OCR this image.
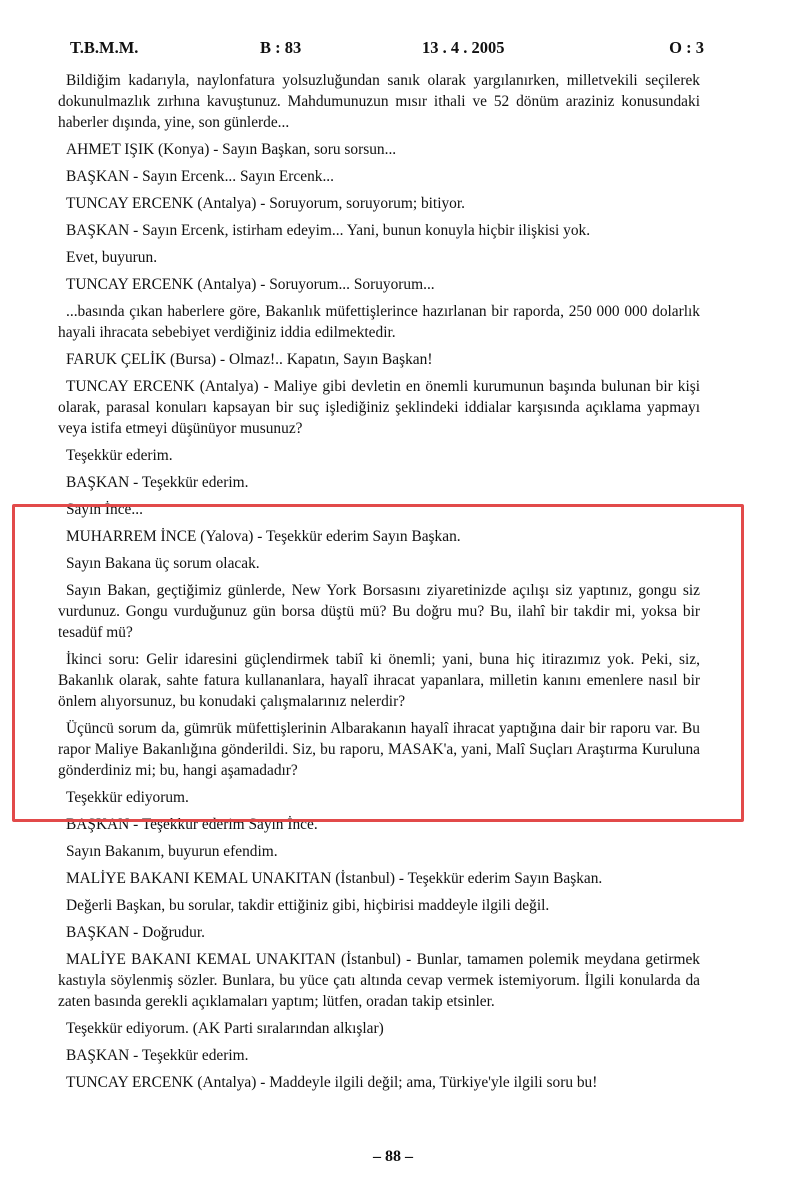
T.B.M.M.	B : 83	13 . 4 . 2005	O : 3

Bildiğim kadarıyla, naylonfatura yolsuzluğundan sanık olarak yargılanırken, milletvekili seçilerek dokunulmazlık zırhına kavuştunuz. Mahdumunuzun mısır ithali ve 52 dönüm araziniz konusundaki haberler dışında, yine, son günlerde...

AHMET IŞIK (Konya) - Sayın Başkan, soru sorsun...

BAŞKAN - Sayın Ercenk... Sayın Ercenk...

TUNCAY ERCENK (Antalya) - Soruyorum, soruyorum; bitiyor.

BAŞKAN - Sayın Ercenk, istirham edeyim... Yani, bunun konuyla hiçbir ilişkisi yok.

Evet, buyurun.

TUNCAY ERCENK (Antalya) - Soruyorum... Soruyorum...

...basında çıkan haberlere göre, Bakanlık müfettişlerince hazırlanan bir raporda, 250 000 000 dolarlık hayali ihracata sebebiyet verdiğiniz iddia edilmektedir.

FARUK ÇELİK (Bursa) - Olmaz!.. Kapatın, Sayın Başkan!

TUNCAY ERCENK (Antalya) - Maliye gibi devletin en önemli kurumunun başında bulunan bir kişi olarak, parasal konuları kapsayan bir suç işlediğiniz şeklindeki iddialar karşısında açıklama yapmayı veya istifa etmeyi düşünüyor musunuz?

Teşekkür ederim.

BAŞKAN - Teşekkür ederim.

Sayın İnce...

MUHARREM İNCE (Yalova) - Teşekkür ederim Sayın Başkan.

Sayın Bakana üç sorum olacak.

Sayın Bakan, geçtiğimiz günlerde, New York Borsasını ziyaretinizde açılışı siz yaptınız, gongu siz vurdunuz. Gongu vurduğunuz gün borsa düştü mü? Bu doğru mu? Bu, ilahî bir takdir mi, yoksa bir tesadüf mü?

İkinci soru: Gelir idaresini güçlendirmek tabiî ki önemli; yani, buna hiç itirazımız yok. Peki, siz, Bakanlık olarak, sahte fatura kullananlara, hayalî ihracat yapanlara, milletin kanını emenlere nasıl bir önlem alıyorsunuz, bu konudaki çalışmalarınız nelerdir?

Üçüncü sorum da, gümrük müfettişlerinin Albarakanın hayalî ihracat yaptığına dair bir raporu var. Bu rapor Maliye Bakanlığına gönderildi. Siz, bu raporu, MASAK'a, yani, Malî Suçları Araştırma Kuruluna gönderdiniz mi; bu, hangi aşamadadır?

Teşekkür ediyorum.

BAŞKAN - Teşekkür ederim Sayın İnce.

Sayın Bakanım, buyurun efendim.

MALİYE BAKANI KEMAL UNAKITAN (İstanbul) - Teşekkür ederim Sayın Başkan.

Değerli Başkan, bu sorular, takdir ettiğiniz gibi, hiçbirisi maddeyle ilgili değil.

BAŞKAN - Doğrudur.

MALİYE BAKANI KEMAL UNAKITAN (İstanbul) - Bunlar, tamamen polemik meydana getirmek kastıyla söylenmiş sözler. Bunlara, bu yüce çatı altında cevap vermek istemiyorum. İlgili konularda da zaten basında gerekli açıklamaları yaptım; lütfen, oradan takip etsinler.

Teşekkür ediyorum. (AK Parti sıralarından alkışlar)

BAŞKAN - Teşekkür ederim.

TUNCAY ERCENK (Antalya) - Maddeyle ilgili değil; ama, Türkiye'yle ilgili soru bu!

– 88 –
